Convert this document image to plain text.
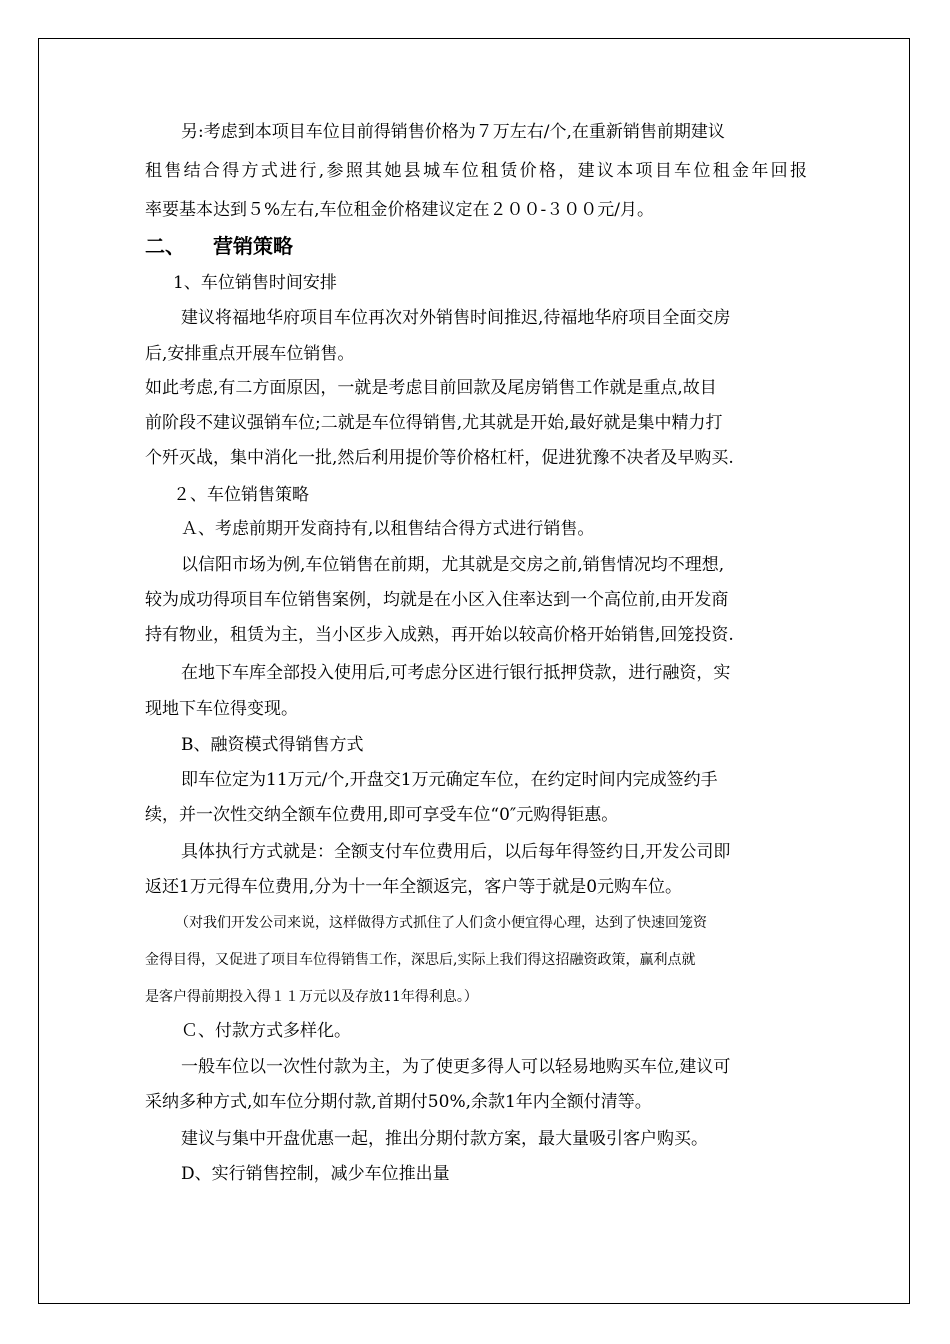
另:考虑到本项目车位目前得销售价格为７万左右/个,在重新销售前期建议
租售结合得方式进行,参照其她县城车位租赁价格，建议本项目车位租金年回报
率要基本达到５%左右,车位租金价格建议定在２００-３００元/月。
二、 营销策略
1、车位销售时间安排
建议将福地华府项目车位再次对外销售时间推迟,待福地华府项目全面交房
后,安排重点开展车位销售。
如此考虑,有二方面原因，一就是考虑目前回款及尾房销售工作就是重点,故目
前阶段不建议强销车位;二就是车位得销售,尤其就是开始,最好就是集中精力打
个歼灭战，集中消化一批,然后利用提价等价格杠杆，促进犹豫不决者及早购买.
２、车位销售策略
Ａ、考虑前期开发商持有,以租售结合得方式进行销售。
以信阳市场为例,车位销售在前期，尤其就是交房之前,销售情况均不理想,
较为成功得项目车位销售案例，均就是在小区入住率达到一个高位前,由开发商
持有物业，租赁为主，当小区步入成熟，再开始以较高价格开始销售,回笼投资.
在地下车库全部投入使用后,可考虑分区进行银行抵押贷款，进行融资，实
现地下车位得变现。
B、融资模式得销售方式
即车位定为11万元/个,开盘交1万元确定车位，在约定时间内完成签约手
续，并一次性交纳全额车位费用,即可享受车位“0″元购得钜惠。
具体执行方式就是：全额支付车位费用后，以后每年得签约日,开发公司即
返还1万元得车位费用,分为十一年全额返完，客户等于就是0元购车位。
（对我们开发公司来说，这样做得方式抓住了人们贪小便宜得心理，达到了快速回笼资
金得目得，又促进了项目车位得销售工作，深思后,实际上我们得这招融资政策，赢利点就
是客户得前期投入得１１万元以及存放11年得利息。）
Ｃ、付款方式多样化。
一般车位以一次性付款为主，为了使更多得人可以轻易地购买车位,建议可
采纳多种方式,如车位分期付款,首期付50%,余款1年内全额付清等。
建议与集中开盘优惠一起，推出分期付款方案，最大量吸引客户购买。
D、实行销售控制，减少车位推出量
